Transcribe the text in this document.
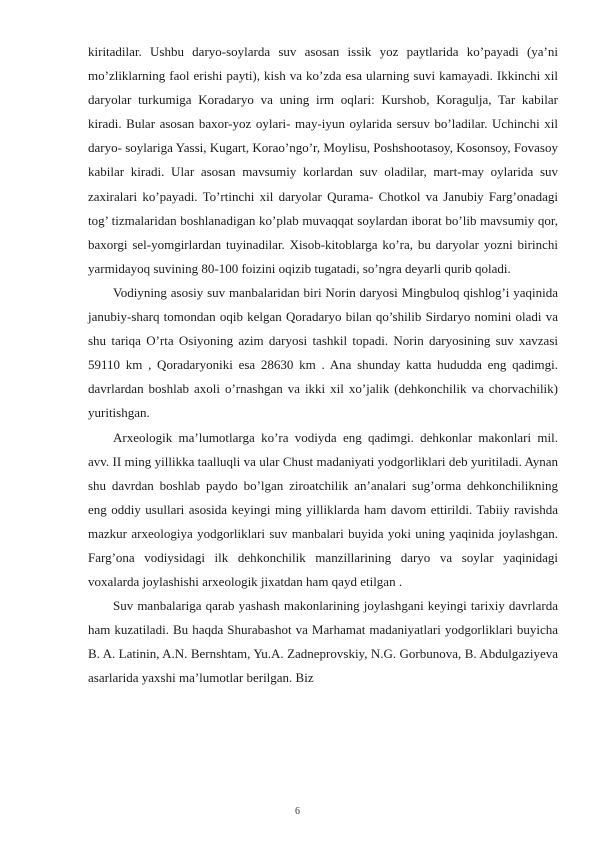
kiritadilar. Ushbu daryo-soylarda suv asosan issik yoz paytlarida ko’payadi (ya’ni mo’zliklarning faol erishi payti), kish va ko’zda esa ularning suvi kamayadi. Ikkinchi xil daryolar turkumiga Koradaryo va uning irm oqlari: Kurshob, Koragulja, Tar kabilar kiradi. Bular asosan baxor-yoz oylari- may-iyun oylarida sersuv bo’ladilar. Uchinchi xil daryo- soylariga Yassi, Kugart, Korao’ngo’r, Moylisu, Poshshootasoy, Kosonsoy, Fovasoy kabilar kiradi. Ular asosan mavsumiy korlardan suv oladilar, mart-may oylarida suv zaxiralari ko’payadi. To’rtinchi xil daryolar Qurama- Chotkol va Janubiy Farg’onadagi tog’ tizmalaridan boshlanadigan ko’plab muvaqqat soylardan iborat bo’lib mavsumiy qor, baxorgi sel-yomgirlardan tuyinadilar. Xisob-kitoblarga ko’ra, bu daryolar yozni birinchi yarmidayoq suvining 80-100 foizini oqizib tugatadi, so’ngra deyarli qurib qoladi.

Vodiyning asosiy suv manbalaridan biri Norin daryosi Mingbuloq qishlog’i yaqinida janubiy-sharq tomondan oqib kelgan Qoradaryo bilan qo’shilib Sirdaryo nomini oladi va shu tariqa O’rta Osiyoning azim daryosi tashkil topadi. Norin daryosining suv xavzasi 59110 km , Qoradaryoniki esa 28630 km . Ana shunday katta hududda eng qadimgi. davrlardan boshlab axoli o’rnashgan va ikki xil xo’jalik (dehkonchilik va chorvachilik) yuritishgan.

Arxeologik ma’lumotlarga ko’ra vodiyda eng qadimgi. dehkonlar makonlari mil. avv. II ming yillikka taalluqli va ular Chust madaniyati yodgorliklari deb yuritiladi. Aynan shu davrdan boshlab paydo bo’lgan ziroatchilik an’analari sug’orma dehkonchilikning eng oddiy usullari asosida keyingi ming yilliklarda ham davom ettirildi. Tabiiy ravishda mazkur arxeologiya yodgorliklari suv manbalari buyida yoki uning yaqinida joylashgan. Farg’ona vodiysidagi ilk dehkonchilik manzillarining daryo va soylar yaqinidagi voxalarda joylashishi arxeologik jixatdan ham qayd etilgan .

Suv manbalariga qarab yashash makonlarining joylashgani keyingi tarixiy davrlarda ham kuzatiladi. Bu haqda Shurabashot va Marhamat madaniyatlari yodgorliklari buyicha B. A. Latinin, A.N. Bernshtam, Yu.A. Zadneprovskiy, N.G. Gorbunova, B. Abdulgaziyeva asarlarida yaxshi ma’lumotlar berilgan. Biz

6
